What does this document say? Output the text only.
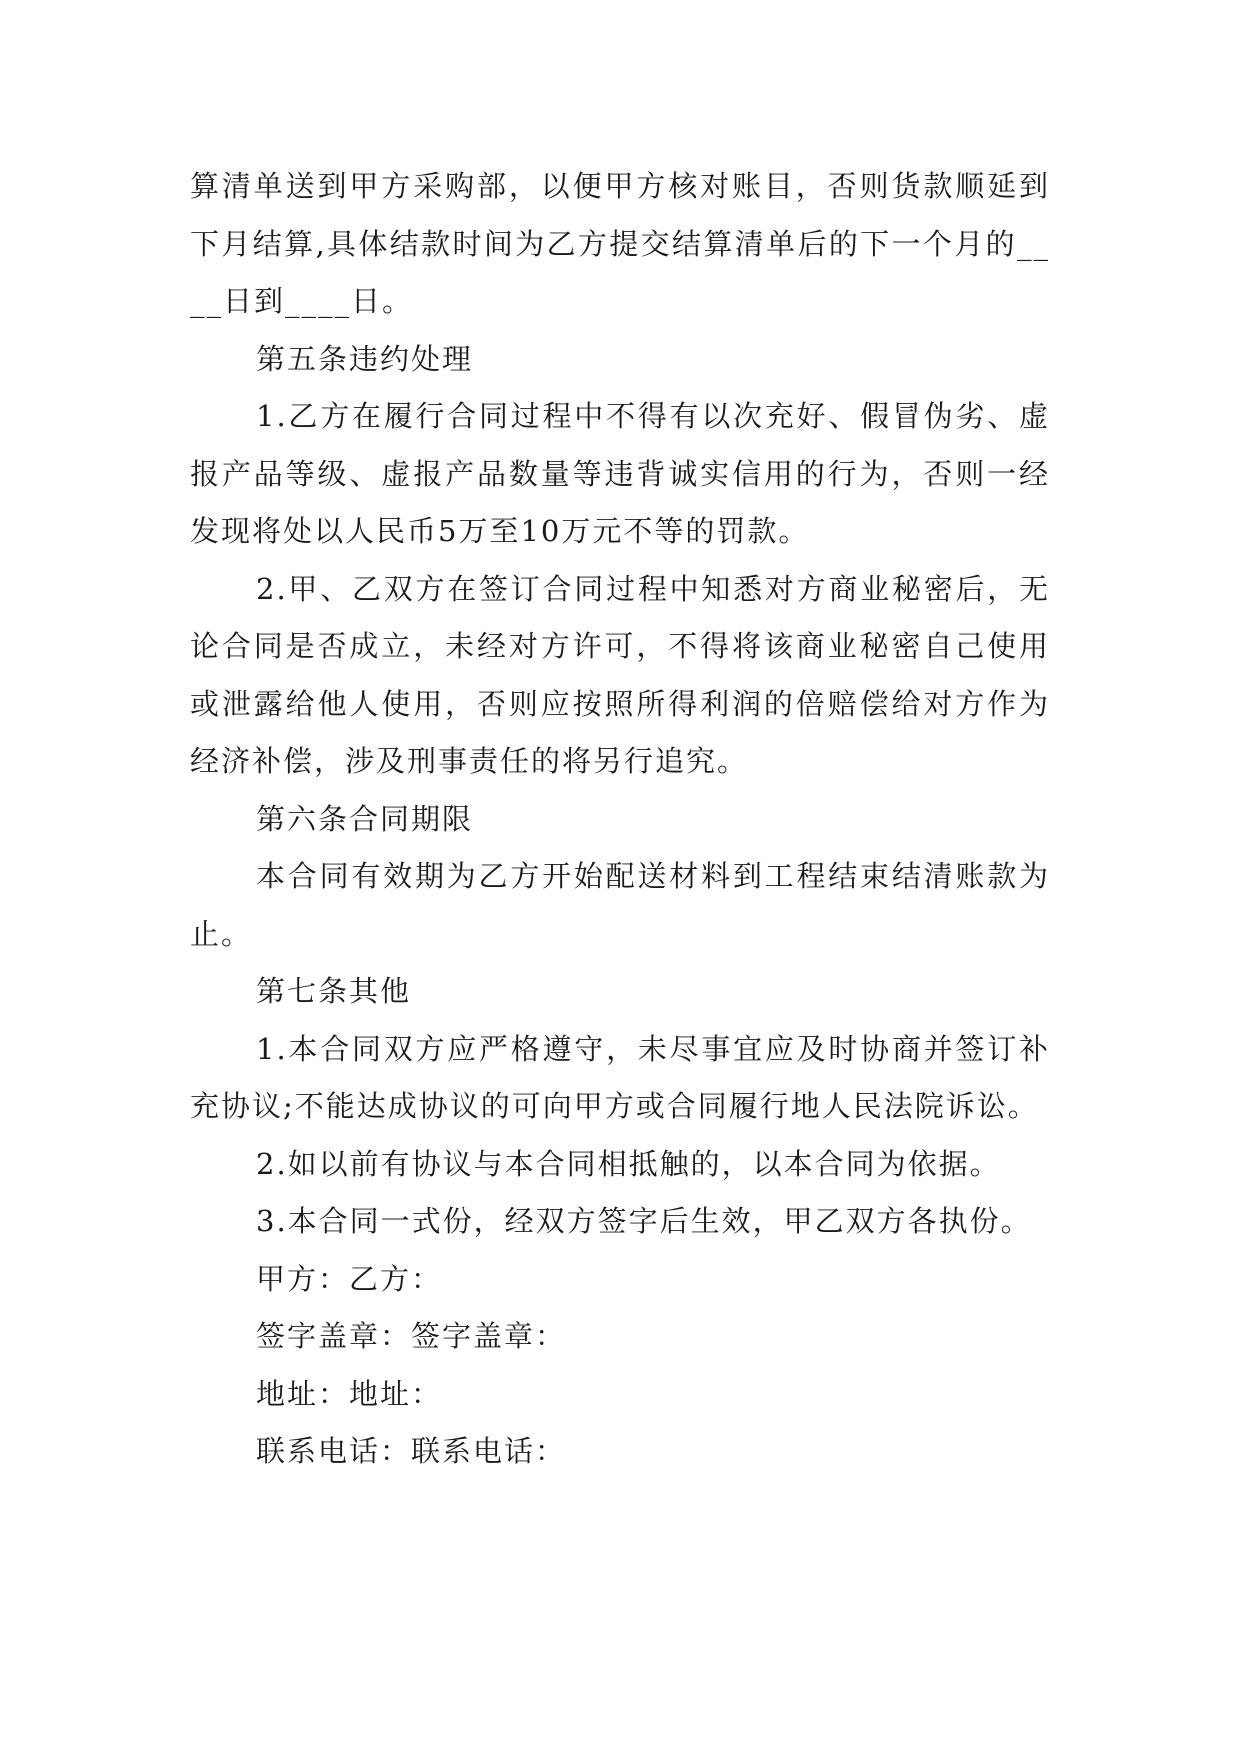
算清单送到甲方采购部，以便甲方核对账目，否则货款顺延到下月结算,具体结款时间为乙方提交结算清单后的下一个月的____日到____日。

第五条违约处理

1.乙方在履行合同过程中不得有以次充好、假冒伪劣、虚报产品等级、虚报产品数量等违背诚实信用的行为，否则一经发现将处以人民币5万至10万元不等的罚款。

2.甲、乙双方在签订合同过程中知悉对方商业秘密后，无论合同是否成立，未经对方许可，不得将该商业秘密自己使用或泄露给他人使用，否则应按照所得利润的倍赔偿给对方作为经济补偿，涉及刑事责任的将另行追究。

第六条合同期限

本合同有效期为乙方开始配送材料到工程结束结清账款为止。

第七条其他

1.本合同双方应严格遵守，未尽事宜应及时协商并签订补充协议;不能达成协议的可向甲方或合同履行地人民法院诉讼。

2.如以前有协议与本合同相抵触的，以本合同为依据。

3.本合同一式份，经双方签字后生效，甲乙双方各执份。

甲方：乙方：

签字盖章：签字盖章：

地址：地址：

联系电话：联系电话：
